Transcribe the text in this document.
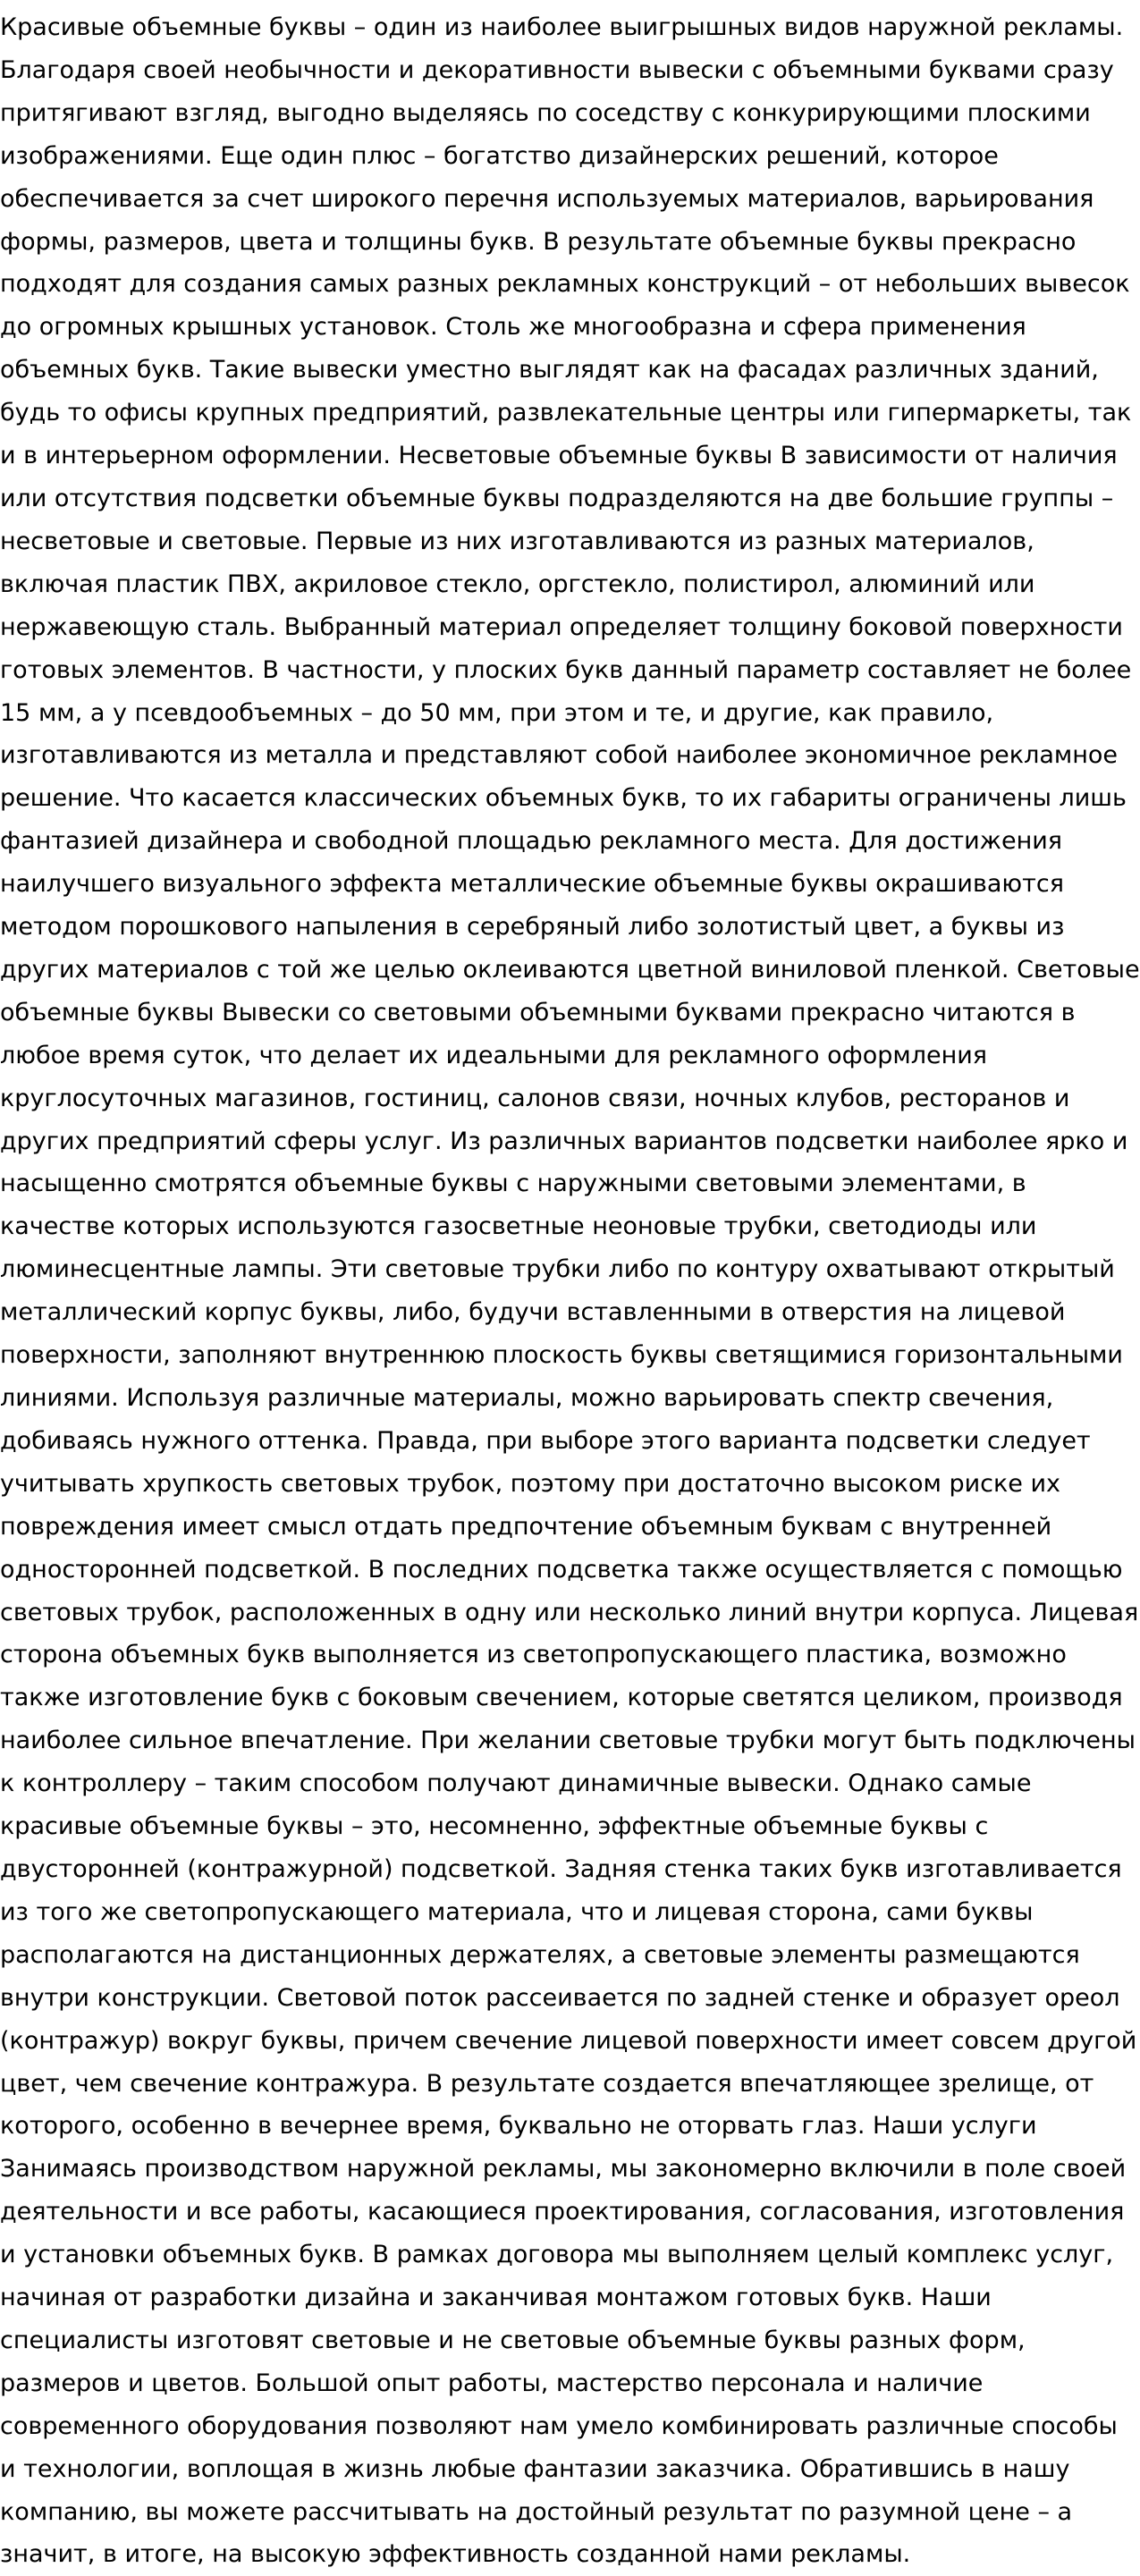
Красивые объемные буквы – один из наиболее выигрышных видов наружной рекламы. Благодаря своей необычности и декоративности вывески с объемными буквами сразу притягивают взгляд, выгодно выделяясь по соседству с конкурирующими плоскими изображениями. Еще один плюс – богатство дизайнерских решений, которое обеспечивается за счет широкого перечня используемых материалов, варьирования формы, размеров, цвета и толщины букв. В результате объемные буквы прекрасно подходят для создания самых разных рекламных конструкций – от небольших вывесок до огромных крышных установок. Столь же многообразна и сфера применения объемных букв. Такие вывески уместно выглядят как на фасадах различных зданий, будь то офисы крупных предприятий, развлекательные центры или гипермаркеты, так и в интерьерном оформлении. Несветовые объемные буквы В зависимости от наличия или отсутствия подсветки объемные буквы подразделяются на две большие группы – несветовые и световые. Первые из них изготавливаются из разных материалов, включая пластик ПВХ, акриловое стекло, оргстекло, полистирол, алюминий или нержавеющую сталь. Выбранный материал определяет толщину боковой поверхности готовых элементов. В частности, у плоских букв данный параметр составляет не более 15 мм, а у псевдообъемных – до 50 мм, при этом и те, и другие, как правило, изготавливаются из металла и представляют собой наиболее экономичное рекламное решение. Что касается классических объемных букв, то их габариты ограничены лишь фантазией дизайнера и свободной площадью рекламного места. Для достижения наилучшего визуального эффекта металлические объемные буквы окрашиваются методом порошкового напыления в серебряный либо золотистый цвет, а буквы из других материалов с той же целью оклеиваются цветной виниловой пленкой. Световые объемные буквы Вывески со световыми объемными буквами прекрасно читаются в любое время суток, что делает их идеальными для рекламного оформления круглосуточных магазинов, гостиниц, салонов связи, ночных клубов, ресторанов и других предприятий сферы услуг. Из различных вариантов подсветки наиболее ярко и насыщенно смотрятся объемные буквы с наружными световыми элементами, в качестве которых используются газосветные неоновые трубки, светодиоды или люминесцентные лампы. Эти световые трубки либо по контуру охватывают открытый металлический корпус буквы, либо, будучи вставленными в отверстия на лицевой поверхности, заполняют внутреннюю плоскость буквы светящимися горизонтальными линиями. Используя различные материалы, можно варьировать спектр свечения, добиваясь нужного оттенка. Правда, при выборе этого варианта подсветки следует учитывать хрупкость световых трубок, поэтому при достаточно высоком риске их повреждения имеет смысл отдать предпочтение объемным буквам с внутренней односторонней подсветкой. В последних подсветка также осуществляется с помощью световых трубок, расположенных в одну или несколько линий внутри корпуса. Лицевая сторона объемных букв выполняется из светопропускающего пластика, возможно также изготовление букв с боковым свечением, которые светятся целиком, производя наиболее сильное впечатление. При желании световые трубки могут быть подключены к контроллеру – таким способом получают динамичные вывески. Однако самые красивые объемные буквы – это, несомненно, эффектные объемные буквы с двусторонней (контражурной) подсветкой. Задняя стенка таких букв изготавливается из того же светопропускающего материала, что и лицевая сторона, сами буквы располагаются на дистанционных держателях, а световые элементы размещаются внутри конструкции. Световой поток рассеивается по задней стенке и образует ореол (контражур) вокруг буквы, причем свечение лицевой поверхности имеет совсем другой цвет, чем свечение контражура. В результате создается впечатляющее зрелище, от которого, особенно в вечернее время, буквально не оторвать глаз. Наши услуги Занимаясь производством наружной рекламы, мы закономерно включили в поле своей деятельности и все работы, касающиеся проектирования, согласования, изготовления и установки объемных букв. В рамках договора мы выполняем целый комплекс услуг, начиная от разработки дизайна и заканчивая монтажом готовых букв. Наши специалисты изготовят световые и не световые объемные буквы разных форм, размеров и цветов. Большой опыт работы, мастерство персонала и наличие современного оборудования позволяют нам умело комбинировать различные способы и технологии, воплощая в жизнь любые фантазии заказчика. Обратившись в нашу компанию, вы можете рассчитывать на достойный результат по разумной цене – а значит, в итоге, на высокую эффективность созданной нами рекламы.
